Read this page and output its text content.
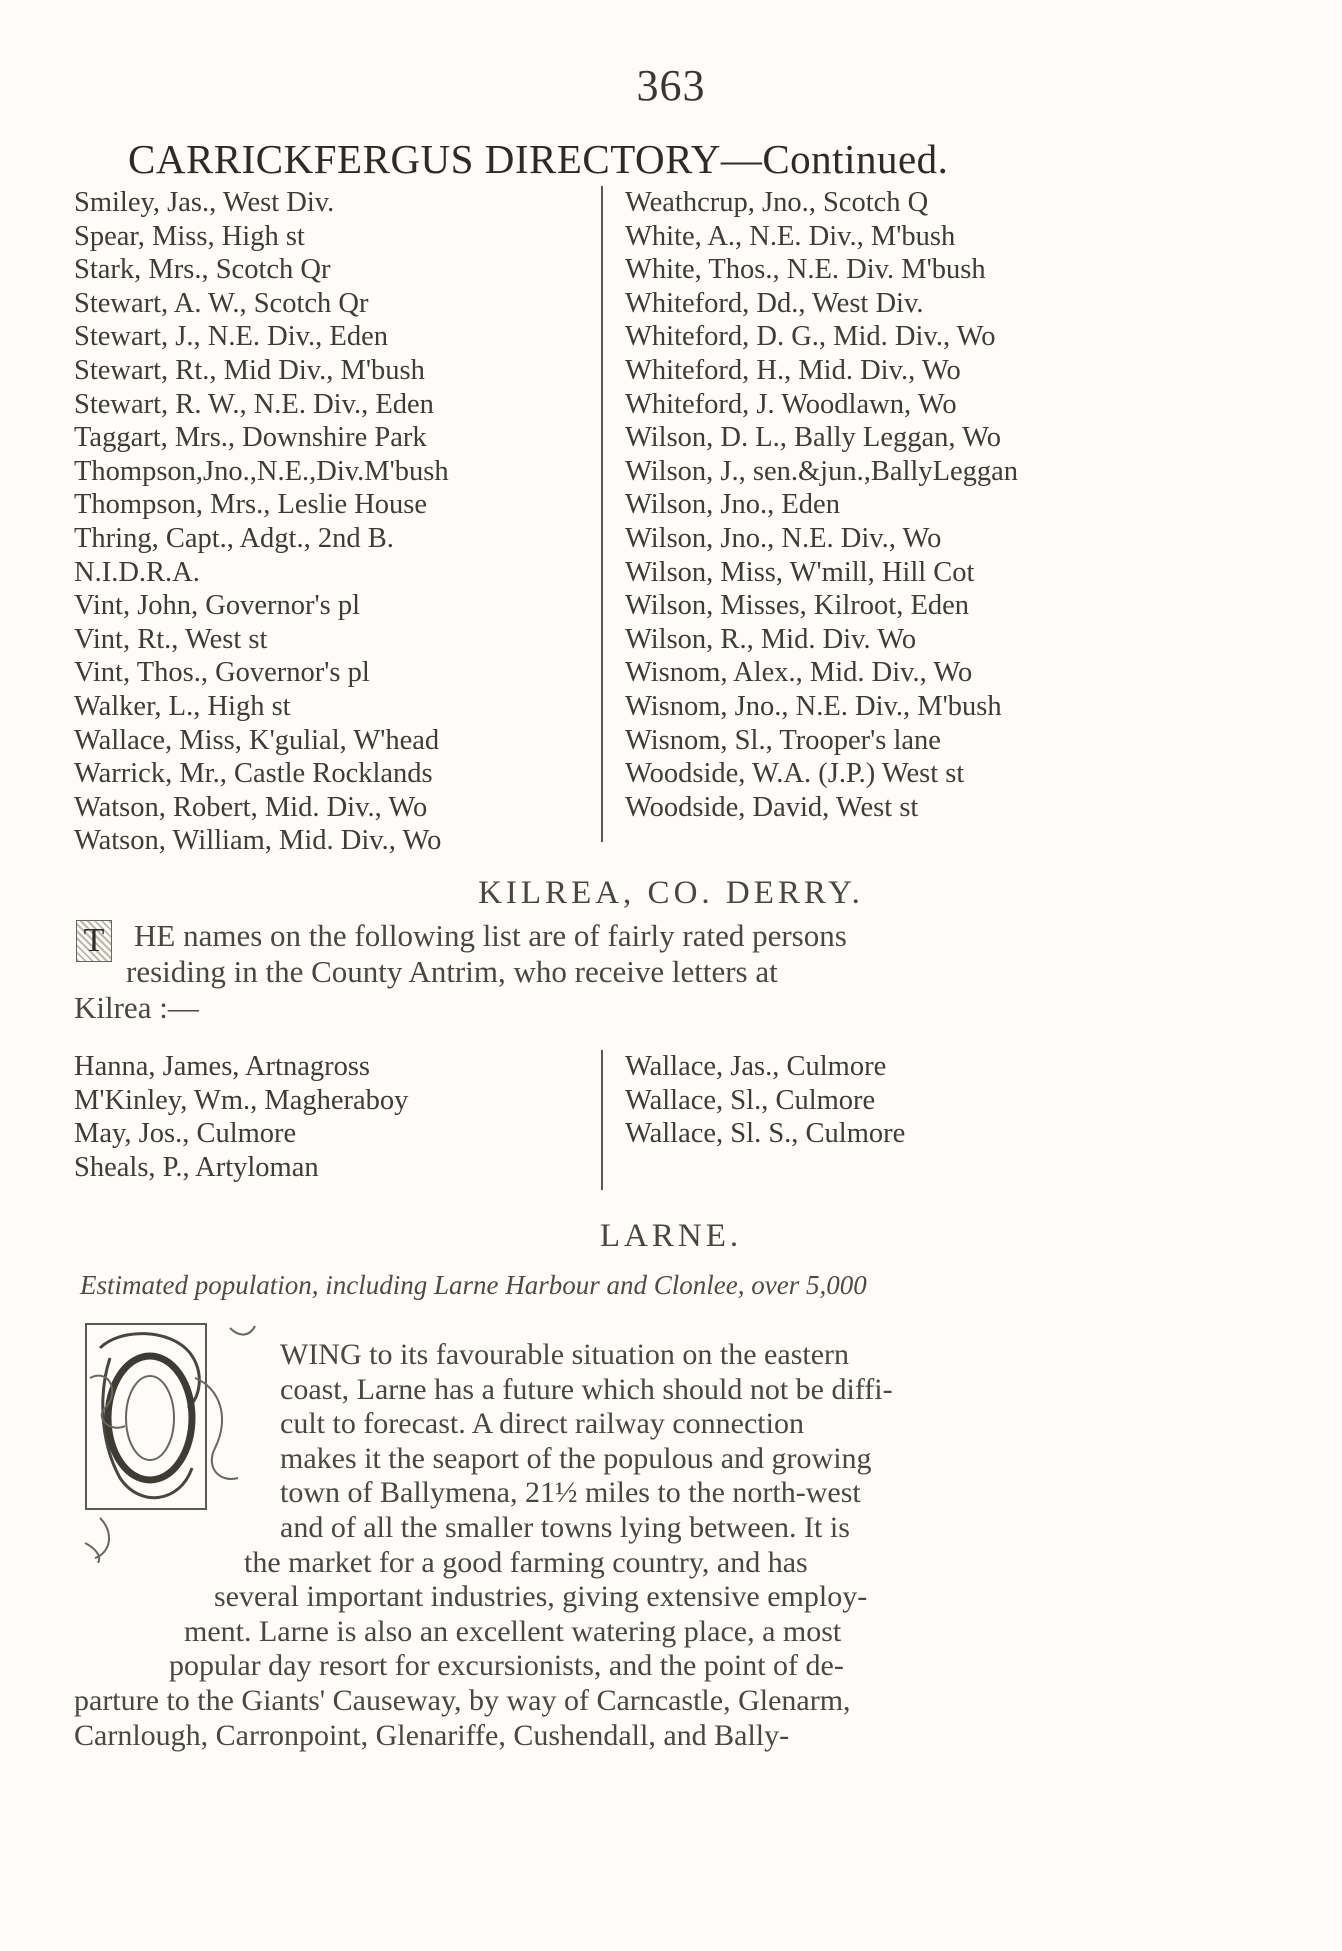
363
CARRICKFERGUS DIRECTORY—Continued.
Smiley, Jas., West Div.
Spear, Miss, High st
Stark, Mrs., Scotch Qr
Stewart, A. W., Scotch Qr
Stewart, J., N.E. Div., Eden
Stewart, Rt., Mid Div., M'bush
Stewart, R. W., N.E. Div., Eden
Taggart, Mrs., Downshire Park
Thompson,Jno.,N.E.,Div.M'bush
Thompson, Mrs., Leslie House
Thring, Capt., Adgt., 2nd B.
N.I.D.R.A.
Vint, John, Governor's pl
Vint, Rt., West st
Vint, Thos., Governor's pl
Walker, L., High st
Wallace, Miss, K'gulial, W'head
Warrick, Mr., Castle Rocklands
Watson, Robert, Mid. Div., Wo
Watson, William, Mid. Div., Wo
Weathcrup, Jno., Scotch Q
White, A., N.E. Div., M'bush
White, Thos., N.E. Div. M'bush
Whiteford, Dd., West Div.
Whiteford, D. G., Mid. Div., Wo
Whiteford, H., Mid. Div., Wo
Whiteford, J. Woodlawn, Wo
Wilson, D. L., Bally Leggan, Wo
Wilson, J., sen.&jun.,BallyLeggan
Wilson, Jno., Eden
Wilson, Jno., N.E. Div., Wo
Wilson, Miss, W'mill, Hill Cot
Wilson, Misses, Kilroot, Eden
Wilson, R., Mid. Div. Wo
Wisnom, Alex., Mid. Div., Wo
Wisnom, Jno., N.E. Div., M'bush
Wisnom, Sl., Trooper's lane
Woodside, W.A. (J.P.) West st
Woodside, David, West st
KILREA, CO. DERRY.
T HE names on the following list are of fairly rated persons
residing in the County Antrim, who receive letters at
Kilrea :—
Hanna, James, Artnagross
M'Kinley, Wm., Magheraboy
May, Jos., Culmore
Sheals, P., Artyloman
Wallace, Jas., Culmore
Wallace, Sl., Culmore
Wallace, Sl. S., Culmore
LARNE.
Estimated population, including Larne Harbour and Clonlee, over 5,000
WING to its favourable situation on the eastern
coast, Larne has a future which should not be diffi-
cult to forecast. A direct railway connection
makes it the seaport of the populous and growing
town of Ballymena, 21½ miles to the north-west
and of all the smaller towns lying between. It is
the market for a good farming country, and has
several important industries, giving extensive employ-
ment. Larne is also an excellent watering place, a most
popular day resort for excursionists, and the point of de-
parture to the Giants' Causeway, by way of Carncastle, Glenarm,
Carnlough, Carronpoint, Glenariffe, Cushendall, and Bally-
